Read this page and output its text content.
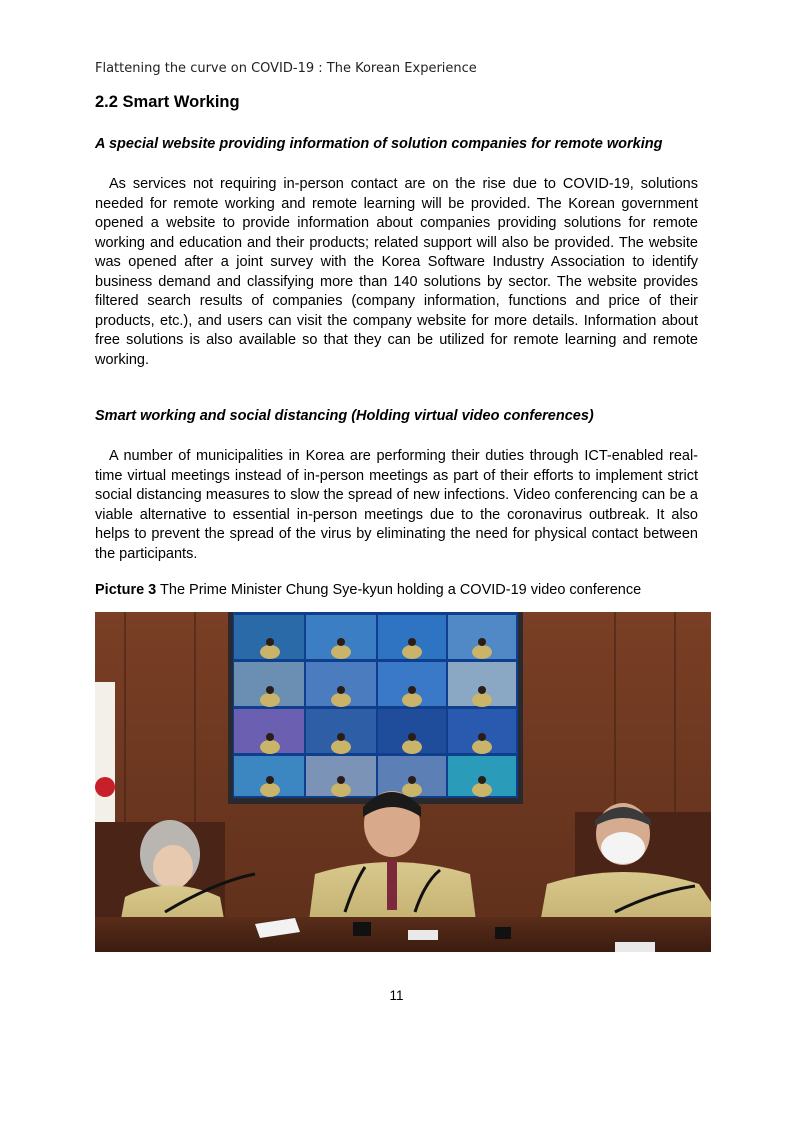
Flattening the curve on COVID-19 : The Korean Experience
2.2 Smart Working
A special website providing information of solution companies for remote working

As services not requiring in-person contact are on the rise due to COVID-19, solutions needed for remote working and remote learning will be provided. The Korean government opened a website to provide information about companies providing solutions for remote working and education and their products; related support will also be provided. The website was opened after a joint survey with the Korea Software Industry Association to identify business demand and classifying more than 140 solutions by sector. The website provides filtered search results of companies (company information, functions and price of their products, etc.), and users can visit the company website for more details. Information about free solutions is also available so that they can be utilized for remote learning and remote working.

Smart working and social distancing (Holding virtual video conferences)

A number of municipalities in Korea are performing their duties through ICT-enabled real-time virtual meetings instead of in-person meetings as part of their efforts to implement strict social distancing measures to slow the spread of new infections. Video conferencing can be a viable alternative to essential in-person meetings due to the coronavirus outbreak. It also helps to prevent the spread of the virus by eliminating the need for physical contact between the participants.

Picture 3 The Prime Minister Chung Sye-kyun holding a COVID-19 video conference
11
